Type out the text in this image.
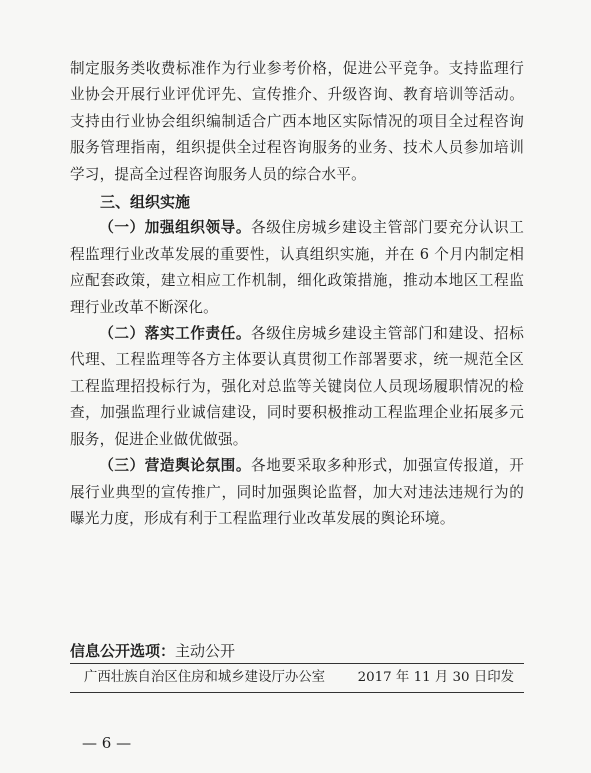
制定服务类收费标准作为行业参考价格，促进公平竞争。支持监理行业协会开展行业评优评先、宣传推介、升级咨询、教育培训等活动。支持由行业协会组织编制适合广西本地区实际情况的项目全过程咨询服务管理指南，组织提供全过程咨询服务的业务、技术人员参加培训学习，提高全过程咨询服务人员的综合水平。

三、组织实施

（一）加强组织领导。各级住房城乡建设主管部门要充分认识工程监理行业改革发展的重要性，认真组织实施，并在 6 个月内制定相应配套政策，建立相应工作机制，细化政策措施，推动本地区工程监理行业改革不断深化。

（二）落实工作责任。各级住房城乡建设主管部门和建设、招标代理、工程监理等各方主体要认真贯彻工作部署要求，统一规范全区工程监理招投标行为，强化对总监等关键岗位人员现场履职情况的检查，加强监理行业诚信建设，同时要积极推动工程监理企业拓展多元服务，促进企业做优做强。

（三）营造舆论氛围。各地要采取多种形式，加强宣传报道，开展行业典型的宣传推广，同时加强舆论监督，加大对违法违规行为的曝光力度，形成有利于工程监理行业改革发展的舆论环境。

信息公开选项：主动公开
广西壮族自治区住房和城乡建设厅办公室 2017 年 11 月 30 日印发
— 6 —
